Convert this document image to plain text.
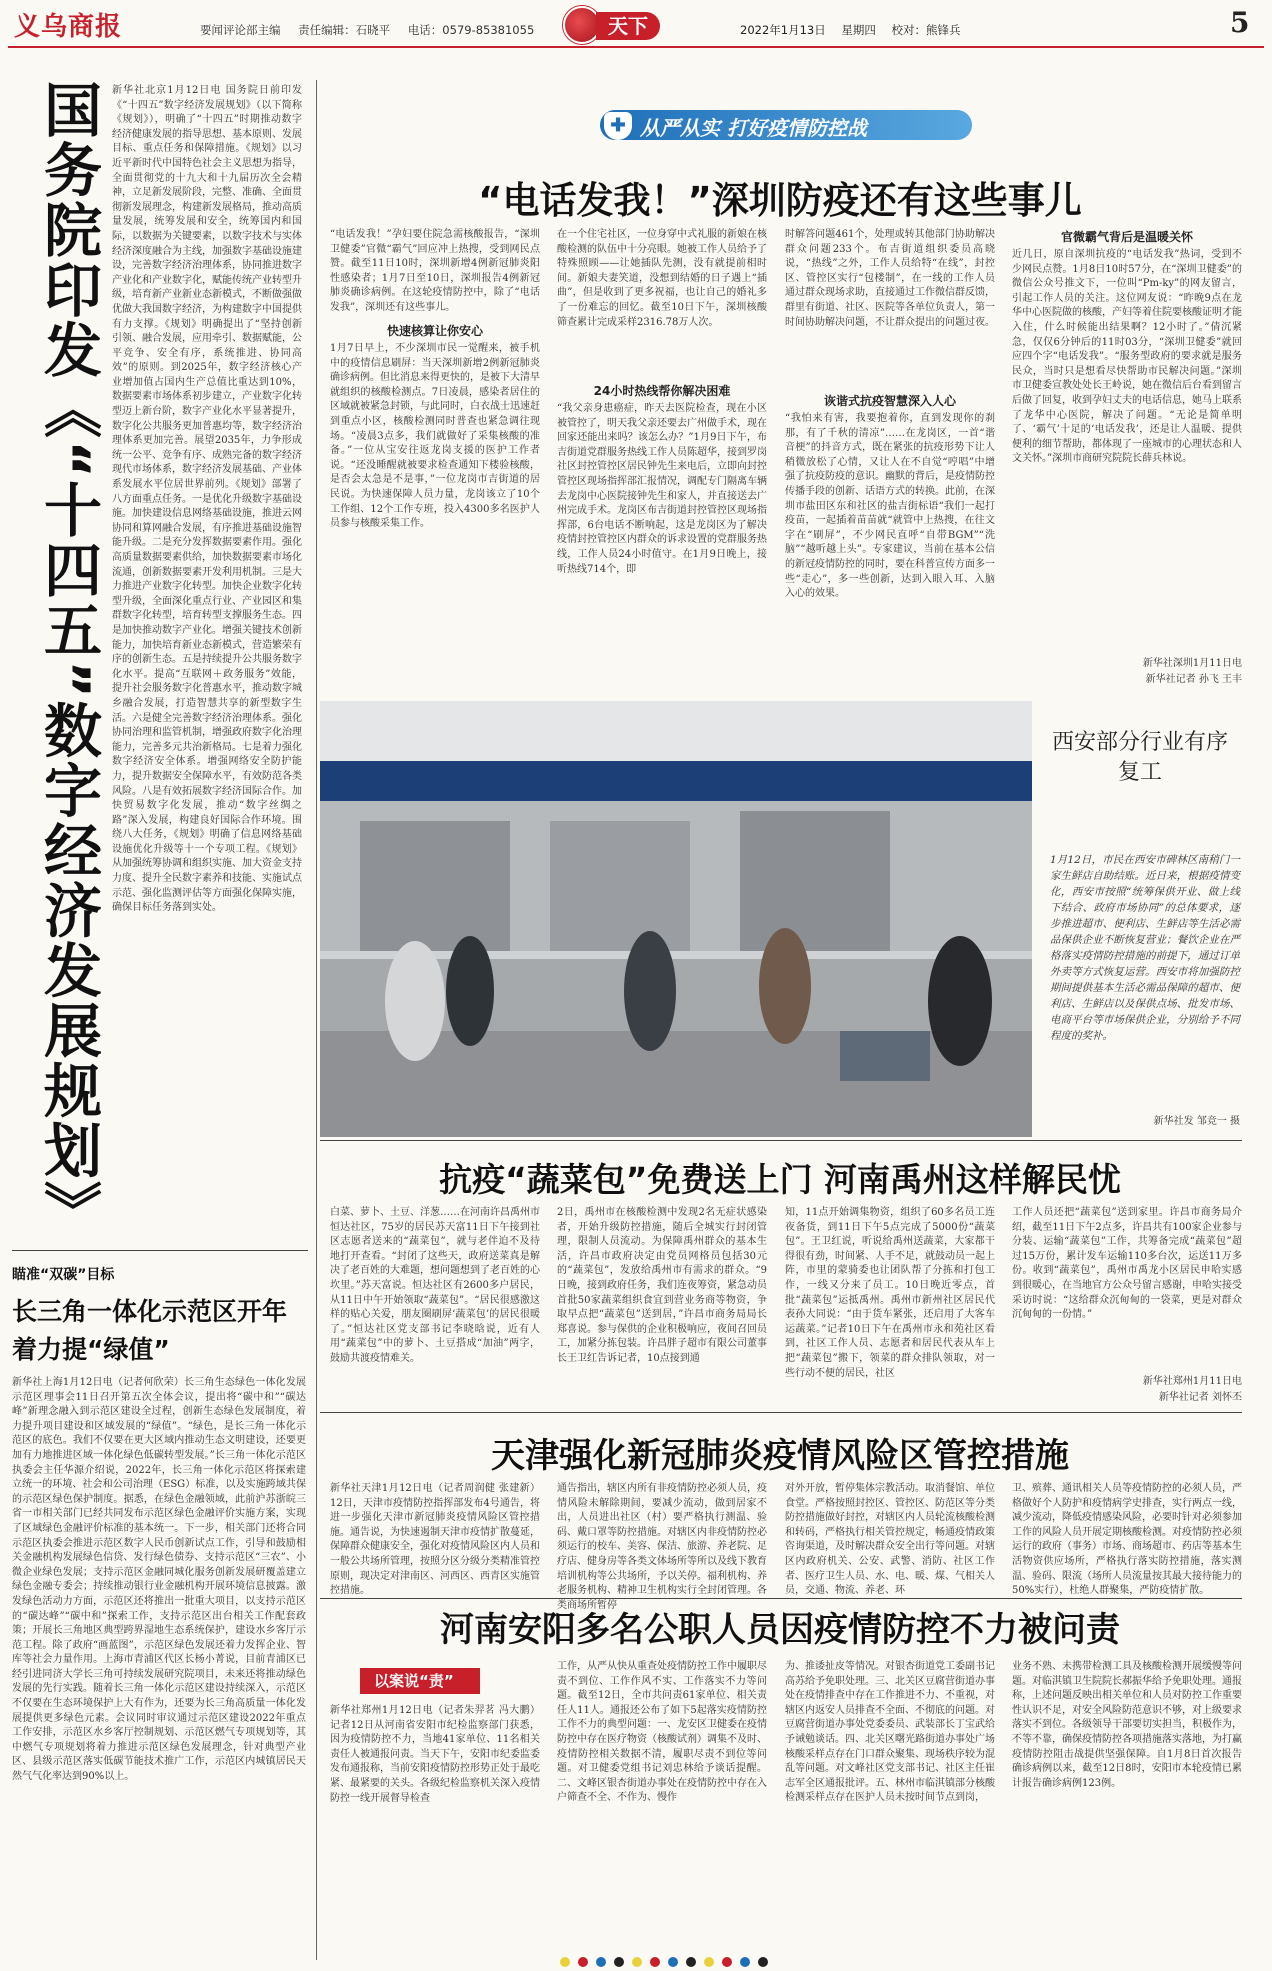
义乌商报	要闻评论部主编 责任编辑：石晓平 电话：0579-85381055	天下	2022年1月13日 星期四 校对：熊锋兵	5
国务院印发《“十四五”数字经济发展规划》 新华社北京1月12日电 国务院日前印发《“十四五”数字经济发展规划》（以下简称《规划》），明确了“十四五”时期推动数字经济健康发展的指导思想、基本原则、发展目标、重点任务和保障措施。《规划》以习近平新时代中国特色社会主义思想为指导，全面贯彻党的十九大和十九届历次全会精神，立足新发展阶段，完整、准确、全面贯彻新发展理念，构建新发展格局，推动高质量发展，统筹发展和安全，统筹国内和国际，以数据为关键要素，以数字技术与实体经济深度融合为主线，加强数字基础设施建设，完善数字经济治理体系，协同推进数字产业化和产业数字化，赋能传统产业转型升级，培育新产业新业态新模式，不断做强做优做大我国数字经济，为构建数字中国提供有力支撑。《规划》明确提出了“坚持创新引领、融合发展，应用牵引、数据赋能，公平竞争、安全有序，系统推进、协同高效”的原则。到2025年，数字经济核心产业增加值占国内生产总值比重达到10%，数据要素市场体系初步建立，产业数字化转型迈上新台阶，数字产业化水平显著提升，数字化公共服务更加普惠均等，数字经济治理体系更加完善。展望2035年，力争形成统一公平、竞争有序、成熟完备的数字经济现代市场体系，数字经济发展基础、产业体系发展水平位居世界前列。《规划》部署了八方面重点任务。一是优化升级数字基础设施。加快建设信息网络基础设施，推进云网协同和算网融合发展，有序推进基础设施智能升级。二是充分发挥数据要素作用。强化高质量数据要素供给，加快数据要素市场化流通，创新数据要素开发利用机制。三是大力推进产业数字化转型。加快企业数字化转型升级，全面深化重点行业、产业园区和集群数字化转型，培育转型支撑服务生态。四是加快推动数字产业化。增强关键技术创新能力，加快培育新业态新模式，营造繁荣有序的创新生态。五是持续提升公共服务数字化水平。提高“互联网＋政务服务”效能，提升社会服务数字化普惠水平，推动数字城乡融合发展，打造智慧共享的新型数字生活。六是健全完善数字经济治理体系。强化协同治理和监管机制，增强政府数字化治理能力，完善多元共治新格局。七是着力强化数字经济安全体系。增强网络安全防护能力，提升数据安全保障水平，有效防范各类风险。八是有效拓展数字经济国际合作。加快贸易数字化发展，推动“数字丝绸之路”深入发展，构建良好国际合作环境。围绕八大任务，《规划》明确了信息网络基础设施优化升级等十一个专项工程。《规划》从加强统筹协调和组织实施、加大资金支持力度、提升全民数字素养和技能、实施试点示范、强化监测评估等方面强化保障实施，确保目标任务落到实处。
瞄准“双碳”目标
长三角一体化示范区开年着力提“绿值”
新华社上海1月12日电（记者何欣荣）长三角生态绿色一体化发展示范区理事会11日召开第五次全体会议，提出将“碳中和”“碳达峰”新理念融入到示范区建设全过程，创新生态绿色发展制度，着力提升项目建设和区域发展的“绿值”。“绿色，是长三角一体化示范区的底色。我们不仅要在更大区域内推动生态文明建设，还要更加有力地推进区域一体化绿色低碳转型发展。”长三角一体化示范区执委会主任华源介绍说，2022年，长三角一体化示范区将探索建立统一的环境、社会和公司治理（ESG）标准，以及实施跨域共保的示范区绿色保护制度。据悉，在绿色金融领域，此前沪苏浙皖三省一市相关部门已经共同发布示范区绿色金融评价实施方案，实现了区域绿色金融评价标准的基本统一。下一步，相关部门还将合同示范区执委会推进示范区数字人民币创新试点工作，引导和鼓励相关金融机构发展绿色信贷、发行绿色债券、支持示范区“三农”、小微企业绿色发展；支持示范区金融同城化服务创新发展研覆盖建立绿色金融专委会；持续推动银行业金融机构开展环境信息披露。激发绿色活动力方面，示范区还将推出一批重大项目，以支持示范区的“碳达峰”“碳中和”探索工作，支持示范区出台相关工作配套政策；开展长三角地区典型跨界湿地生态系统保护，建设水乡客厅示范工程。除了政府“画蓝图”，示范区绿色发展还着力发挥企业、智库等社会力量作用。上海市青浦区代区长杨小菁说，目前青浦区已经引进同济大学长三角可持续发展研究院项目，未来还将推动绿色发展的先行实践。随着长三角一体化示范区建设持续深入，示范区不仅要在生态环境保护上大有作为，还要为长三角高质量一体化发展提供更多绿色元素。会议同时审议通过示范区建设2022年重点工作安排，示范区水乡客厅控制规划、示范区燃气专项规划等，其中燃气专项规划将着力推进示范区绿色发展理念，针对典型产业区、县级示范区落实低碳节能技术推广工作，示范区内城镇居民天然气气化率达到90%以上。
✚ 从严从实 打好疫情防控战
“电话发我！”深圳防疫还有这些事儿
“电话发我！”孕妇要住院急需核酸报告，“深圳卫健委”官微“霸气”回应冲上热搜，受到网民点赞。截至11日10时，深圳新增4例新冠肺炎阳性感染者；1月7日至10日，深圳报告4例新冠肺炎确诊病例。在这轮疫情防控中，除了“电话发我”，深圳还有这些事儿。
快速核算让你安心
1月7日早上，不少深圳市民一觉醒来，被手机中的疫情信息刷屏：当天深圳新增2例新冠肺炎确诊病例。但比消息来得更快的，是被下大清早就组织的核酸检测点。7日凌晨，感染者居住的区域就被紧急封锁，与此同时，白衣战士迅速赶到重点小区，核酸检测同时普查也紧急调往现场。“凌晨3点多，我们就做好了采集核酸的准备。”一位从宝安往返龙岗支援的医护工作者说。“还没睡醒就被要求检查通知下楼验核酸，是否会太急是不是事，”一位龙岗市吉街道的居民说。为快速保障人员力量，龙岗该立了10个工作组、12个工作专班，投入4300多名医护人员参与核酸采集工作。
在一个住宅社区，一位身穿中式礼服的新娘在核酸检测的队伍中十分亮眼。她被工作人员给予了特殊照顾——让她插队先测，没有就提前相时间。新娘夫妻笑道，没想到结婚的日子遇上“插曲”，但是收到了更多祝福，也让自己的婚礼多了一份难忘的回忆。截至10日下午，深圳核酸筛查累计完成采样2316.78万人次。
24小时热线帮你解决困难
“我父亲身患癌症，昨天去医院检查，现在小区被管控了，明天我父亲还要去广州做手术，现在回家还能出来吗？该怎么办？”1月9日下午，布吉街道党群服务热线工作人员陈超华，接到罗岗社区封控管控区居民钟先生来电后，立即向封控管控区现场指挥部汇报情况，调配专门隔离车辆去龙岗中心医院接钟先生和家人，并直接送去广州完成手术。龙岗区布吉街道封控管控区现场指挥部，6台电话不断响起，这是龙岗区为了解决疫情封控管控区内群众的诉求设置的党群服务热线，工作人员24小时值守。在1月9日晚上，接听热线714个，即
时解答问题461个，处理或转其他部门协助解决群众问题233个。布吉街道组织委员高晓说，“热线”之外，工作人员给特“在线”，封控区、管控区实行“包楼制”，在一线的工作人员通过群众现场求助，直接通过工作微信群反馈，群里有街道、社区、医院等各单位负责人，第一时间协助解决问题，不让群众提出的问题过夜。
诙谐式抗疫智慧深入人心
“我怕来有害，我要抱着你，直到发现你的刹那，有了千秋的清凉”……在龙岗区，一首“谐音梗”的抖音方式，既在紧张的抗疫形势下让人稍微放松了心情，又让人在不自觉“哼唱”中增强了抗疫防疫的意识。幽默的背后，是疫情防控传播手段的创新、话语方式的转换。此前，在深圳市盐田区东和社区的盐吉街标语“我们一起打疫苗，一起插着苗苗就“就管中上热搜，在往文字在“刷屏”，不少网民直呼“自带BGM”“洗脑”“越听越上头”。专家建议，当前在基本公信的新冠疫情防控的同时，要在科普宣传方面多一些“走心”，多一些创新，达到入眼入耳、入脑入心的效果。
官微霸气背后是温暖关怀
近几日，原自深圳抗疫的“电话发我”热词，受到不少网民点赞。1月8日10时57分，在“深圳卫健委”的微信公众号推文下，一位叫“Pm-ky”的网友留言，引起工作人员的关注。这位网友说：“昨晚9点在龙华中心医院做的核酸，产妇等着住院要核酸证明才能入住，什么时候能出结果啊？12小时了。”倩沉紧急，仅仅6分钟后的11时03分，“深圳卫健委”就回应四个字“电话发我”。“服务型政府的要求就是服务民众，当时只是想看尽快帮助市民解决问题。”深圳市卫健委宣教处处长王岭说，她在微信后台看到留言后做了回复，收到孕妇丈夫的电话信息，她马上联系了龙华中心医院，解决了问题。“无论是简单明了、‘霸气’十足的‘电话发我’，还是让人温暖、提供便利的细节帮助，都体现了一座城市的心理状态和人文关怀。”深圳市商研究院院长薛兵林说。
新华社深圳1月11日电
新华社记者 孙飞 王丰
西安部分行业有序复工
1月12日，市民在西安市碑林区南稍门一家生鲜店自助结账。近日来，根据疫情变化，西安市按照“统筹保供开业、做上线下结合、政府市场协同”的总体要求，逐步推进超市、便利店、生鲜店等生活必需品保供企业不断恢复营业；餐饮企业在严格落实疫情防控措施的前提下，通过订单外卖等方式恢复运营。西安市将加强防控期间提供基本生活必需品保障的超市、便利店、生鲜店以及保供点场、批发市场、电商平台等市场保供企业，分别给予不同程度的奖补。
新华社发 邹竞一 摄
抗疫“蔬菜包”免费送上门 河南禹州这样解民忧
白菜、萝卜、土豆、洋葱……在河南许昌禹州市恒达社区，75岁的居民苏天富11日下午接到社区志愿者送来的“蔬菜包”，就与老伴迫不及待地打开查看。“封闭了这些天，政府送菜真是解决了老百姓的大难题，想问题想到了老百姓的心坎里。”苏天富说。恒达社区有2600多户居民，从11日中午开始领取“蔬菜包”。“居民很感激这样的贴心关爱，朋友圈刷屏‘蔬菜包’的居民很暖了。”恒达社区党支部书记李晓晗说，近有人用“蔬菜包”中的萝卜、土豆搭成“加油”两字，鼓励共渡疫情难关。
2日，禹州市在核酸检测中发现2名无症状感染者，开始升级防控措施，随后全城实行封闭管理，限制人员流动。为保障禹州群众的基本生活，许昌市政府决定由党员网格员包括30元的“蔬菜包”，发放给禹州市有需求的群众。“9日晚，接到政府任务，我们连夜筹资，紧急动员首批50家蔬菜组织食宜到营业务商等物资，争取早点把“蔬菜包”送到居，”许昌市商务局局长郑喜说。参与保供的企业积极响应，夜间召回员工，加紧分拣包装。许昌胖子超市有限公司董事长王卫红告诉记者，10点接到通
知，11点开始调集物资，组织了60多名员工连夜备货，到11日下午5点完成了5000份“蔬菜包”。王卫红说，听说给禹州送蔬菜，大家都干得很有劲，时间紧、人手不足，就鼓动员一起上阵，市里的蒙骑委也让团队帮了分拣和打包工作，一线又分来了员工。10日晚近零点，首批“蔬菜包”运抵禹州。禹州市新州社区居民代表孙大同说：“由于货车紧张，还启用了大客车运蔬菜。”记者10日下午在禹州市永和苑社区看到，社区工作人员、志愿者和居民代表从车上把“蔬菜包”搬下，领菜的群众排队领取，对一些行动不便的居民，社区
工作人员还把“蔬菜包”送到家里。许昌市商务局介绍，截至11日下午2点多，许昌共有100家企业参与分装、运输“蔬菜包”工作，共筹备完成“蔬菜包”超过15万份，累计发车运输110多台次，运送11万多份。收到“蔬菜包”，禹州市禹龙小区居民申哈实感到很暖心，在当地官方公众号留言感谢，申哈实接受采访时说：“这给群众沉甸甸的一袋菜，更是对群众沉甸甸的一份情。”
新华社郑州1月11日电
新华社记者 刘怀丕
天津强化新冠肺炎疫情风险区管控措施
新华社天津1月12日电（记者周润健 张建新）12日，天津市疫情防控指挥部发布4号通告，将进一步强化天津市新冠肺炎疫情风险区管控措施。通告说，为快速遏制天津市疫情扩散蔓延，保障群众健康安全，强化对疫情风险区内人员和一般公共场所管理，按照分区分级分类精准管控原则，现决定对津南区、河西区、西青区实施管控措施。
通告指出，辖区内所有非疫情防控必须人员，疫情风险未解除期间，要减少流动，做到居家不出，人员进出社区（村）要严格执行测温、验码、戴口罩等防控措施。对辖区内非疫情防控必须运行的校车、美容、保洁、旅游、养老院、足疗店、健身房等各类文体场所等所以及线下教育培训机构等公共场所，予以关停。福利机构、养老服务机构、精神卫生机构实行全封闭管理。各类商场所暂停
对外开放，暂停集体宗教活动。取消餐馆、单位食堂。严格按照封控区、管控区、防范区等分类防控措施做好封控，对辖区内人员轮流核酸检测和转码，严格执行相关管控规定，畅通疫情政策咨询渠道，及时解决群众安全出行等问题。对辖区内政府机关、公安、武警、消防、社区工作者、医疗卫生人员、水、电、暖、煤、气相关人员，交通、物流、养老、环
卫、殡葬、通讯相关人员等疫情防控的必须人员，严格做好个人防护和疫情病学史排查，实行两点一线，减少流动，降低疫情感染风险，必要时针对必须参加工作的风险人员开展定期核酸检测。对疫情防控必须运行的政府（事务）市场、商场超市、药店等基本生活物资供应场所，严格执行落实防控措施，落实测温、验码、限流（场所人员流量按其最大接待能力的50%实行），杜绝人群聚集，严防疫情扩散。
河南安阳多名公职人员因疫情防控不力被问责
以案说“责”
新华社郑州1月12日电（记者朱羿茗 冯大鹏）记者12日从河南省安阳市纪检监察部门获悉，因为疫情防控不力，当地41家单位、11名相关责任人被通报问责。当天下午，安阳市纪委监委发布通报称，当前安阳疫情防控形势正处于最吃紧、最紧要的关头。各级纪检监察机关深入疫情防控一线开展督导检查
工作，从严从快从重查处疫情防控工作中履职尽责不到位、工作作风不实、工作落实不力等问题。截至12日，全市共问责61家单位、相关责任人11人。通报还公布了如下5起落实疫情防控工作不力的典型问题：一、龙安区卫健委在疫情防控中存在医疗物资（核酸试剂）调集不及时、疫情防控相关数据不清，履职尽责不到位等问题。对卫健委党组书记刘忠林给予谈话提醒。二、文峰区银杏街道办事处在疫情防控中存在入户筛查不全、不作为、慢作
为、推诿扯皮等情况。对银杏街道党工委副书记高苏给予免职处理。三、北关区豆腐营街道办事处在疫情排查中存在工作推进不力、不重视，对辖区内返安人员排查不全面、不彻底的问题。对豆腐营街道办事处党委委员、武装部长丁宝武给予诫勉谈话。四、北关区曙光路街道办事处广场核酸采样点存在门口群众聚集、现场秩序较为混乱等问题。对文峰社区党支部书记、社区主任崔志军全区通报批评。五、林州市临淇镇部分核酸检测采样点存在医护人员未按时间节点到岗，
业务不熟、未携带检测工具及核酸检测开展缓慢等问题。对临淇镇卫生院院长郝振华给予免职处理。通报称，上述问题反映出相关单位和人员对防控工作重要性认识不足，对安全风险防范意识不够，对上级要求落实不到位。各级领导干部要切实担当，积极作为，不等不靠，确保疫情防控各项措施落实落地，为打赢疫情防控阻击战提供坚强保障。自1月8日首次报告确诊病例以来，截至12日8时，安阳市本轮疫情已累计报告确诊病例123例。
